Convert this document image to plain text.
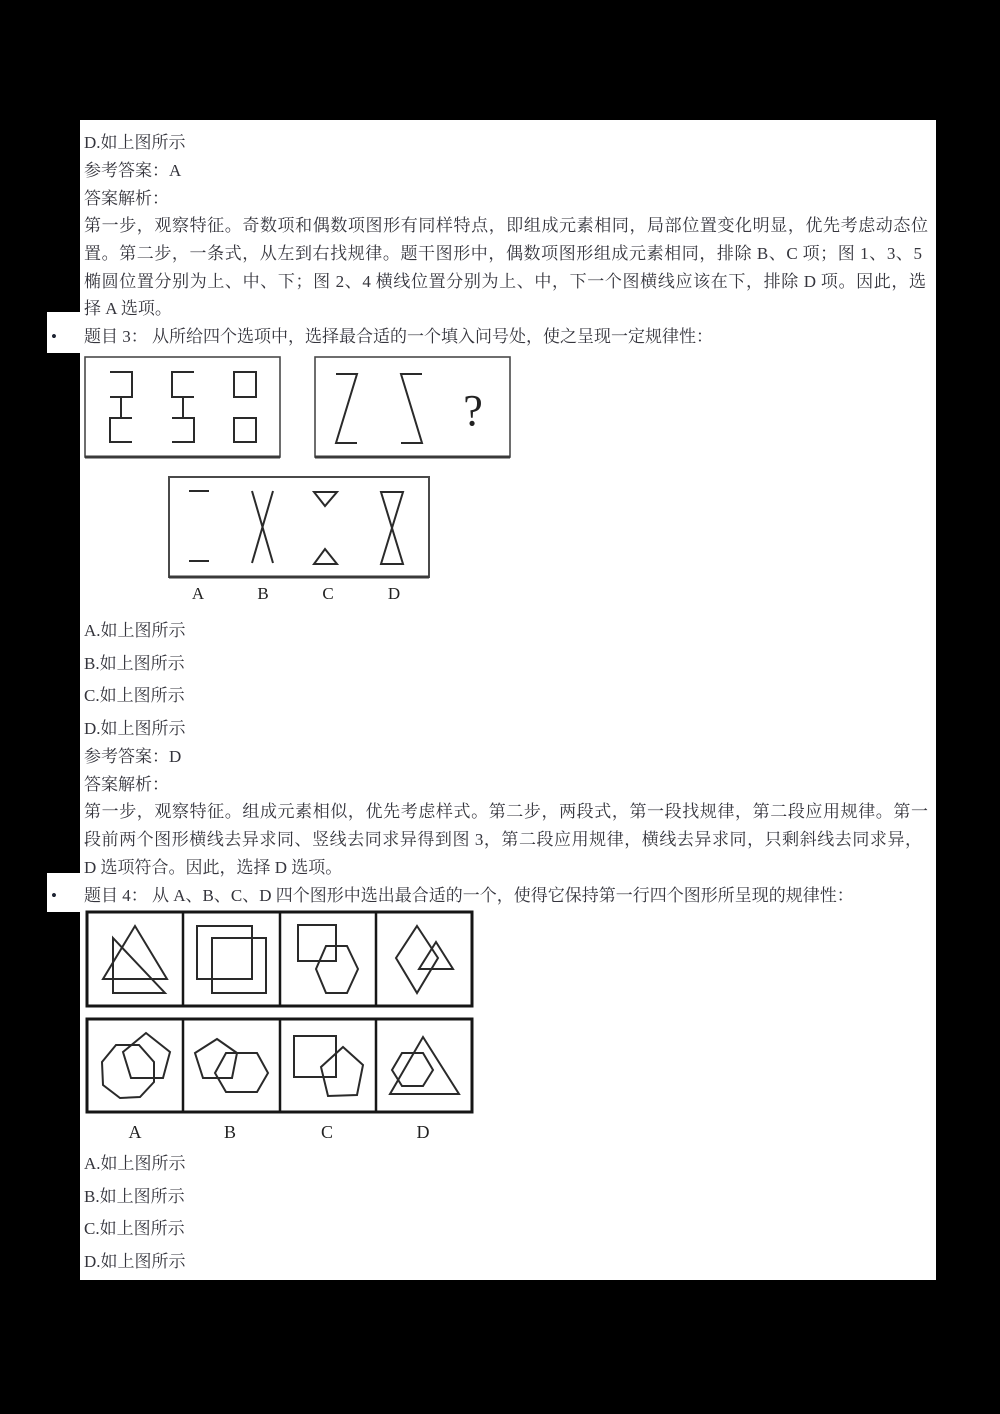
D.如上图所示
参考答案：A
答案解析：
第一步，观察特征。奇数项和偶数项图形有同样特点，即组成元素相同，局部位置变化明显，优先考虑动态位
置。第二步，一条式，从左到右找规律。题干图形中，偶数项图形组成元素相同，排除 B、C 项；图 1、3、5
椭圆位置分别为上、中、下；图 2、4 横线位置分别为上、中，下一个图横线应该在下，排除 D 项。因此，选
择 A 选项。
• 题目 3： 从所给四个选项中，选择最合适的一个填入问号处，使之呈现一定规律性：
?
A	B	C	D
A.如上图所示
B.如上图所示
C.如上图所示
D.如上图所示
参考答案：D
答案解析：
第一步，观察特征。组成元素相似，优先考虑样式。第二步，两段式，第一段找规律，第二段应用规律。第一
段前两个图形横线去异求同、竖线去同求异得到图 3，第二段应用规律，横线去异求同，只剩斜线去同求异，
D 选项符合。因此，选择 D 选项。
• 题目 4： 从 A、B、C、D 四个图形中选出最合适的一个，使得它保持第一行四个图形所呈现的规律性：
A	B	C	D
A.如上图所示
B.如上图所示
C.如上图所示
D.如上图所示
